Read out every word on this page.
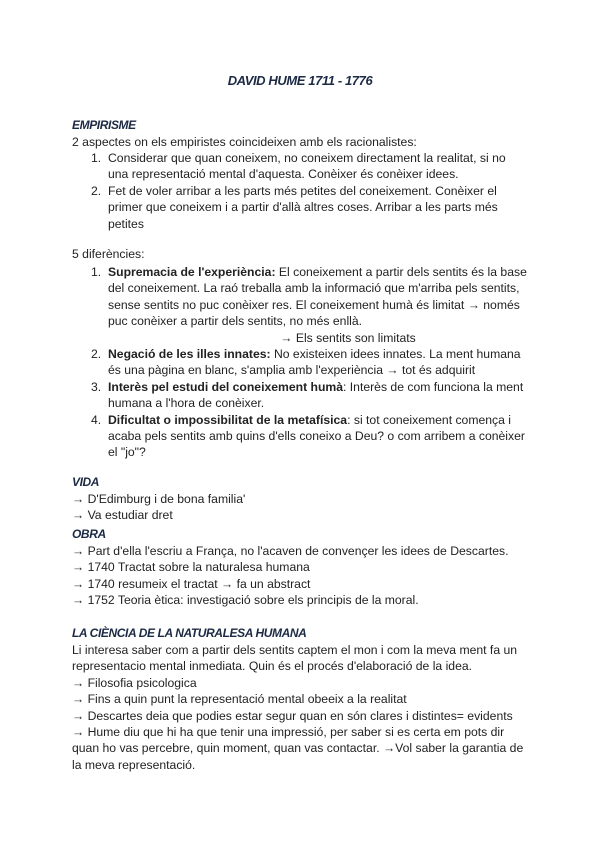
DAVID HUME 1711 - 1776
EMPIRISME
2 aspectes on els empiristes coincideixen amb els racionalistes:
1. Considerar que quan coneixem, no coneixem directament la realitat, si no una representació mental d'aquesta. Conèixer és conèixer idees.
2. Fet de voler arribar a les parts més petites del coneixement. Conèixer el primer que coneixem i a partir d'allà altres coses. Arribar a les parts més petites
5 diferències:
1. Supremacia de l'experiència: El coneixement a partir dels sentits és la base del coneixement. La raó treballa amb la informació que m'arriba pels sentits, sense sentits no puc conèixer res. El coneixement humà és limitat → només puc conèixer a partir dels sentits, no més enllà.
→ Els sentits son limitats
2. Negació de les illes innates: No existeixen idees innates. La ment humana és una pàgina en blanc, s'amplia amb l'experiència → tot és adquirit
3. Interès pel estudi del coneixement humà: Interès de com funciona la ment humana a l'hora de conèixer.
4. Dificultat o impossibilitat de la metafísica: si tot coneixement comença i acaba pels sentits amb quins d'ells coneixo a Deu? o com arribem a conèixer el "jo"?
VIDA
→ D'Edimburg i de bona familia'
→ Va estudiar dret
OBRA
→ Part d'ella l'escriu a França, no l'acaven de convençer les idees de Descartes.
→ 1740 Tractat sobre la naturalesa humana
→ 1740 resumeix el tractat → fa un abstract
→ 1752 Teoria ètica: investigació sobre els principis de la moral.
LA CIÈNCIA DE LA NATURALESA HUMANA
Li interesa saber com a partir dels sentits captem el mon i com la meva ment fa un representacio mental inmediata. Quin és el procés d'elaboració de la idea.
→ Filosofia psicologica
→ Fins a quin punt la representació mental obeeix a la realitat
→ Descartes deia que podies estar segur quan en són clares i distintes= evidents
→ Hume diu que hi ha que tenir una impressió, per saber si es certa em pots dir quan ho vas percebre, quin moment, quan vas contactar. →Vol saber la garantia de la meva representació.
